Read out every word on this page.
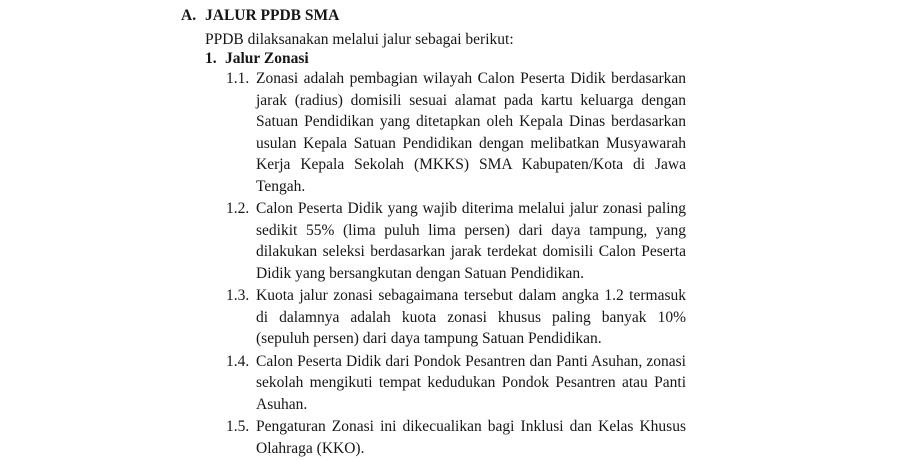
A. JALUR PPDB SMA
PPDB dilaksanakan melalui jalur sebagai berikut:
1. Jalur Zonasi
1.1. Zonasi adalah pembagian wilayah Calon Peserta Didik berdasarkan jarak (radius) domisili sesuai alamat pada kartu keluarga dengan Satuan Pendidikan yang ditetapkan oleh Kepala Dinas berdasarkan usulan Kepala Satuan Pendidikan dengan melibatkan Musyawarah Kerja Kepala Sekolah (MKKS) SMA Kabupaten/Kota di Jawa Tengah.
1.2. Calon Peserta Didik yang wajib diterima melalui jalur zonasi paling sedikit 55% (lima puluh lima persen) dari daya tampung, yang dilakukan seleksi berdasarkan jarak terdekat domisili Calon Peserta Didik yang bersangkutan dengan Satuan Pendidikan.
1.3. Kuota jalur zonasi sebagaimana tersebut dalam angka 1.2 termasuk di dalamnya adalah kuota zonasi khusus paling banyak 10% (sepuluh persen) dari daya tampung Satuan Pendidikan.
1.4. Calon Peserta Didik dari Pondok Pesantren dan Panti Asuhan, zonasi sekolah mengikuti tempat kedudukan Pondok Pesantren atau Panti Asuhan.
1.5. Pengaturan Zonasi ini dikecualikan bagi Inklusi dan Kelas Khusus Olahraga (KKO).
